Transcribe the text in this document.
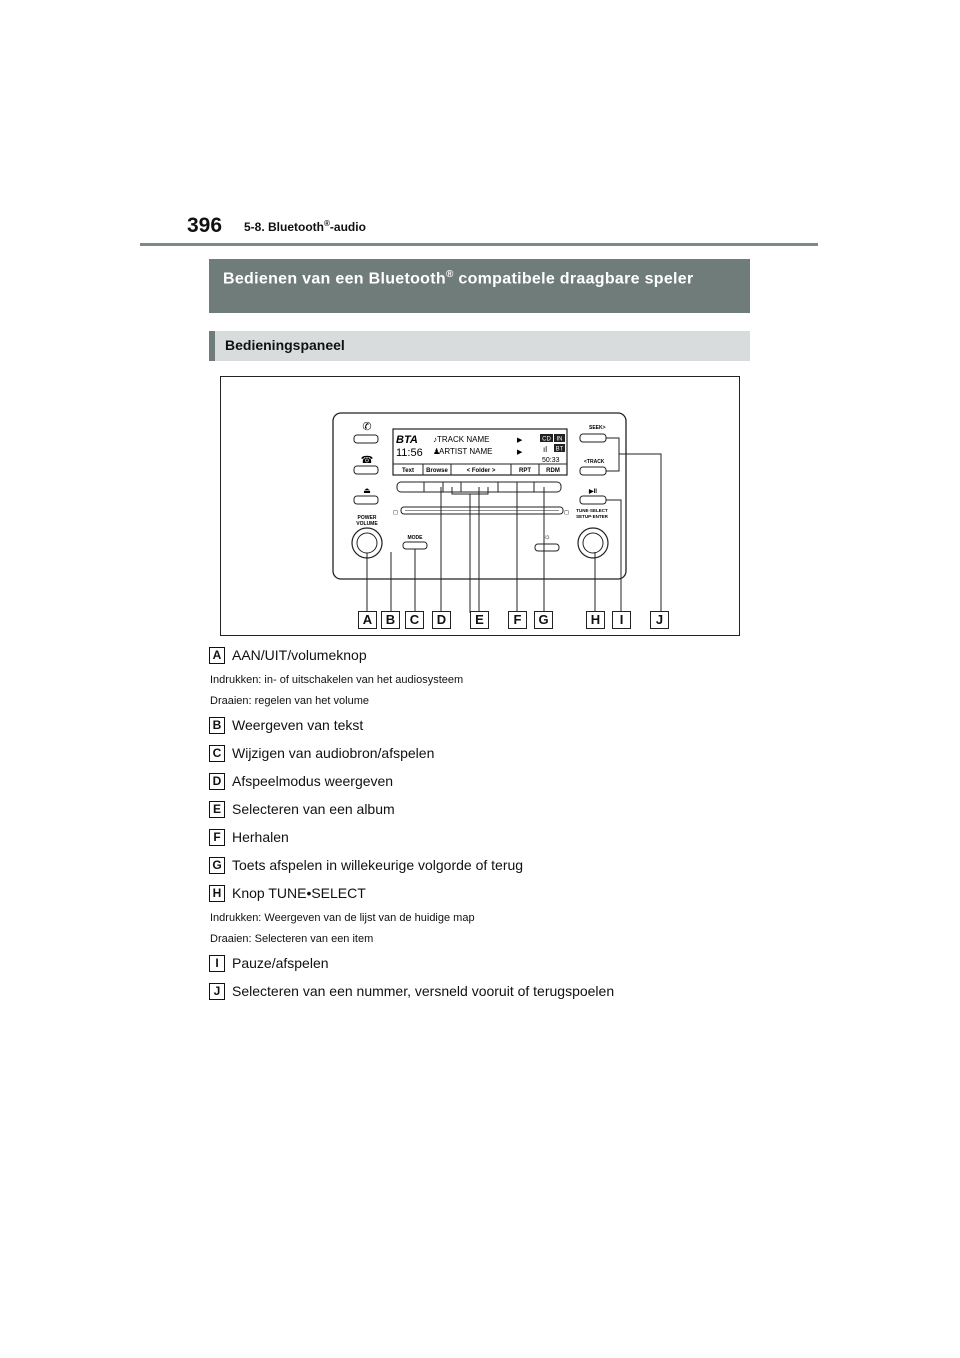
396 5-8. Bluetooth®-audio
Bedienen van een Bluetooth® compatibele draagbare speler
Bedieningspaneel
✆
☎
⏏
POWER
VOLUME
BTA
11:56
♪TRACK NAME
ARTIST NAME
♟
▶
▶
CD IN
BT
ıl
50:33
Text Browse	< Folder >	RPT	RDM
◻	◻
MODE	☼
SEEK>
<TRACK
▶II
TUNE·SELECT
SETUP·ENTER
A	B	C	D	E	F	G	H	I	J
A AAN/UIT/volumeknop
Indrukken: in- of uitschakelen van het audiosysteem
Draaien: regelen van het volume
B Weergeven van tekst
C Wijzigen van audiobron/afspelen
D Afspeelmodus weergeven
E Selecteren van een album
F Herhalen
G Toets afspelen in willekeurige volgorde of terug
H Knop TUNE•SELECT
Indrukken: Weergeven van de lijst van de huidige map
Draaien: Selecteren van een item
I Pauze/afspelen
J Selecteren van een nummer, versneld vooruit of terugspoelen
